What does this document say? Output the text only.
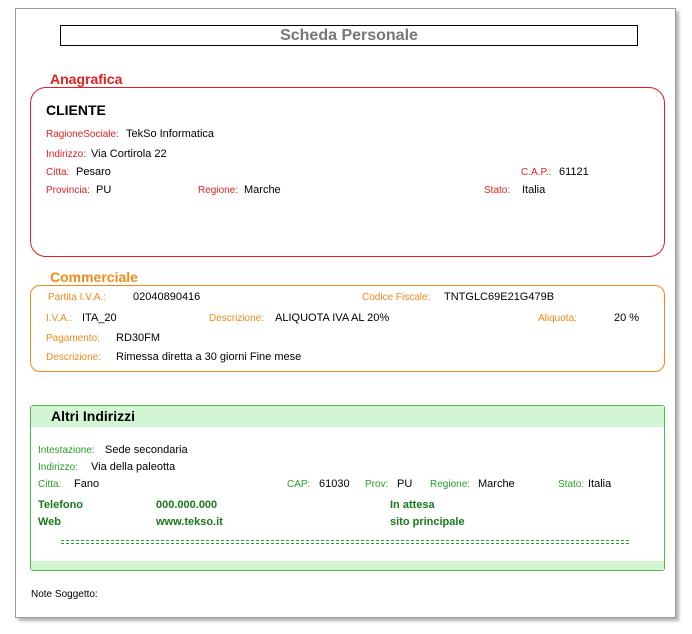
Scheda Personale
Anagrafica
CLIENTE
RagioneSociale: TekSo Informatica
Indirizzo: Via Cortirola 22
Citta: Pesaro	C.A.P.: 61121
Provincia: PU	Regione: Marche	Stato: Italia
Commerciale
Partita I.V.A.: 02040890416	Codice Fiscale: TNTGLC69E21G479B
I.V.A.: ITA_20	Descrizione: ALIQUOTA IVA AL 20%	Aliquota:	20 %
Pagamento: RD30FM
Descrizione: Rimessa diretta a 30 giorni Fine mese
Altri Indirizzi
Intestazione: Sede secondaria
Indirizzo: Via della paleotta
Citta: Fano	CAP: 61030 Prov: PU Regione: Marche	Stato: Italia
Telefono	000.000.000	In attesa
Web	www.tekso.it	sito principale
Note Soggetto:
